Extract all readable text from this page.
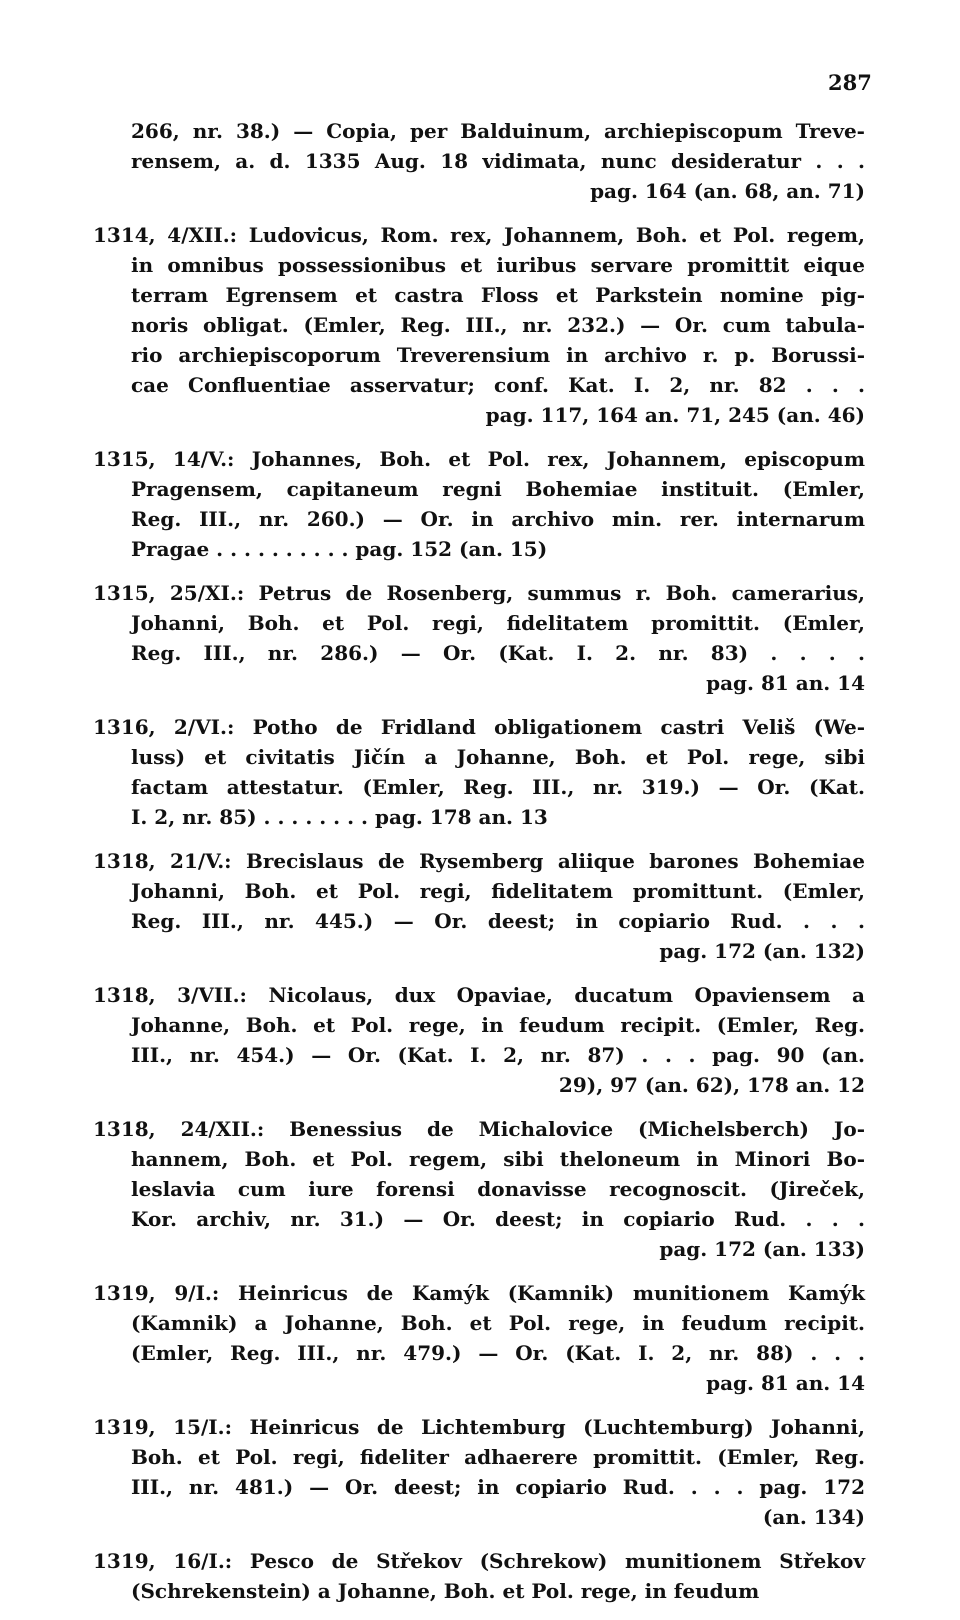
287
266, nr. 38.) — Copia, per Balduinum, archiepiscopum Treve-
rensem, a. d. 1335 Aug. 18 vidimata, nunc desideratur . . .
pag. 164 (an. 68, an. 71)
1314, 4/XII.: Ludovicus, Rom. rex, Johannem, Boh. et Pol. regem,
in omnibus possessionibus et iuribus servare promittit eique
terram Egrensem et castra Floss et Parkstein nomine pig-
noris obligat. (Emler, Reg. III., nr. 232.) — Or. cum tabula-
rio archiepiscoporum Treverensium in archivo r. p. Borussi-
cae Confluentiae asservatur; conf. Kat. I. 2, nr. 82 . . .
pag. 117, 164 an. 71, 245 (an. 46)
1315, 14/V.: Johannes, Boh. et Pol. rex, Johannem, episcopum
Pragensem, capitaneum regni Bohemiae instituit. (Emler,
Reg. III., nr. 260.) — Or. in archivo min. rer. internarum
Pragae . . . . . . . . . . pag. 152 (an. 15)
1315, 25/XI.: Petrus de Rosenberg, summus r. Boh. camerarius,
Johanni, Boh. et Pol. regi, fidelitatem promittit. (Emler,
Reg. III., nr. 286.) — Or. (Kat. I. 2. nr. 83) . . . .
pag. 81 an. 14
1316, 2/VI.: Potho de Fridland obligationem castri Veliš (We-
luss) et civitatis Jičín a Johanne, Boh. et Pol. rege, sibi
factam attestatur. (Emler, Reg. III., nr. 319.) — Or. (Kat.
I. 2, nr. 85) . . . . . . . . pag. 178 an. 13
1318, 21/V.: Brecislaus de Rysemberg aliique barones Bohemiae
Johanni, Boh. et Pol. regi, fidelitatem promittunt. (Emler,
Reg. III., nr. 445.) — Or. deest; in copiario Rud. . . .
pag. 172 (an. 132)
1318, 3/VII.: Nicolaus, dux Opaviae, ducatum Opaviensem a
Johanne, Boh. et Pol. rege, in feudum recipit. (Emler, Reg.
III., nr. 454.) — Or. (Kat. I. 2, nr. 87) . . . pag. 90 (an.
29), 97 (an. 62), 178 an. 12
1318, 24/XII.: Benessius de Michalovice (Michelsberch) Jo-
hannem, Boh. et Pol. regem, sibi theloneum in Minori Bo-
leslavia cum iure forensi donavisse recognoscit. (Jireček,
Kor. archiv, nr. 31.) — Or. deest; in copiario Rud. . . .
pag. 172 (an. 133)
1319, 9/I.: Heinricus de Kamýk (Kamnik) munitionem Kamýk
(Kamnik) a Johanne, Boh. et Pol. rege, in feudum recipit.
(Emler, Reg. III., nr. 479.) — Or. (Kat. I. 2, nr. 88) . . .
pag. 81 an. 14
1319, 15/I.: Heinricus de Lichtemburg (Luchtemburg) Johanni,
Boh. et Pol. regi, fideliter adhaerere promittit. (Emler, Reg.
III., nr. 481.) — Or. deest; in copiario Rud. . . . pag. 172
(an. 134)
1319, 16/I.: Pesco de Střekov (Schrekow) munitionem Střekov
(Schrekenstein) a Johanne, Boh. et Pol. rege, in feudum
